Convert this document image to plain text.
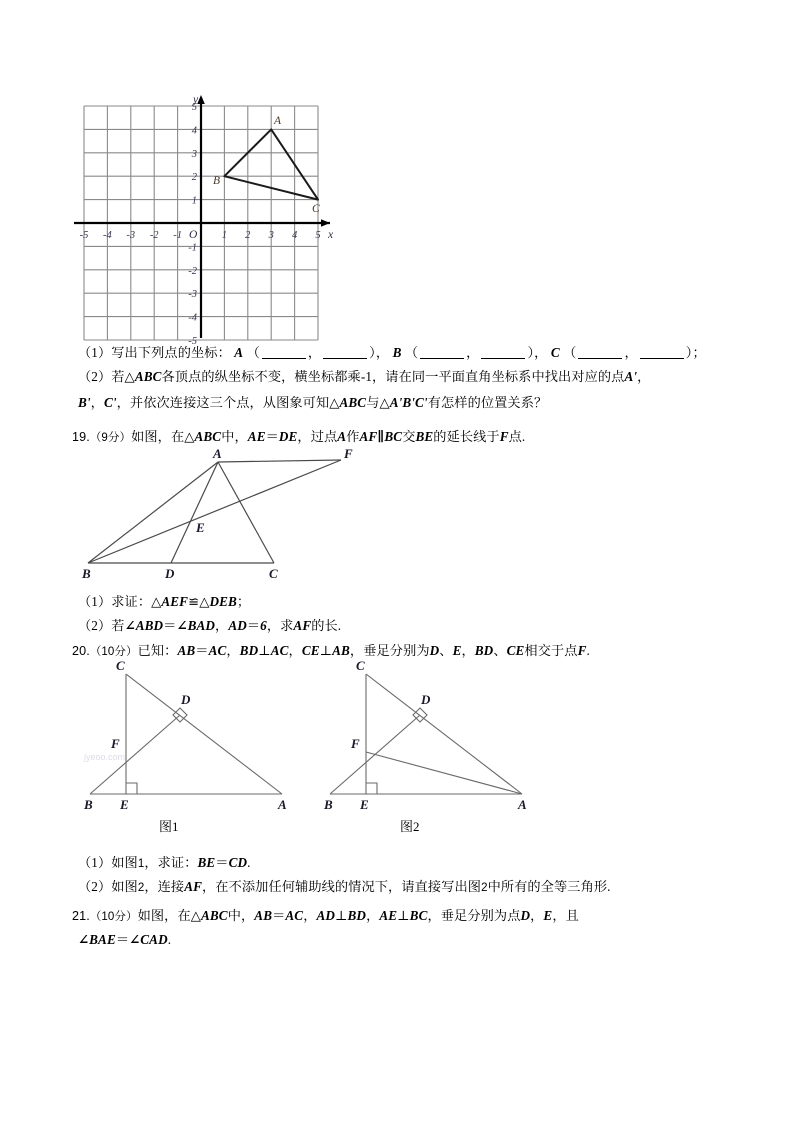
-5 -4 -3 -2 -1	1 2 3 4 5
5
4
3
2
1
-1
-2
-3
-4
-5
x
y
O
A
B
C
（1）写出下列点的坐标： A （	，	）， B （	，	）， C （	，	）；
（2）若△ABC各顶点的纵坐标不变，横坐标都乘-1，请在同一平面直角坐标系中找出对应的点A'，
B'，C'，并依次连接这三个点，从图象可知△ABC与△A'B'C'有怎样的位置关系？
19.（9分）如图，在△ABC中，AE＝DE，过点A作AF∥BC交BE的延长线于F点.
A	F
E
B	D	C
（1）求证：△AEF≌△DEB；
（2）若∠ABD＝∠BAD，AD＝6，求AF的长.
20.（10分）已知：AB＝AC，BD⊥AC，CE⊥AB，垂足分别为D、E，BD、CE相交于点F.
jyeoo.com
C
D
F
B E	A
图1
C
D
F
B E	A
图2
（1）如图1，求证：BE＝CD.
（2）如图2，连接AF，在不添加任何辅助线的情况下，请直接写出图2中所有的全等三角形.
21.（10分）如图，在△ABC中，AB＝AC，AD⊥BD，AE⊥BC，垂足分别为点D，E，且
∠BAE＝∠CAD.
